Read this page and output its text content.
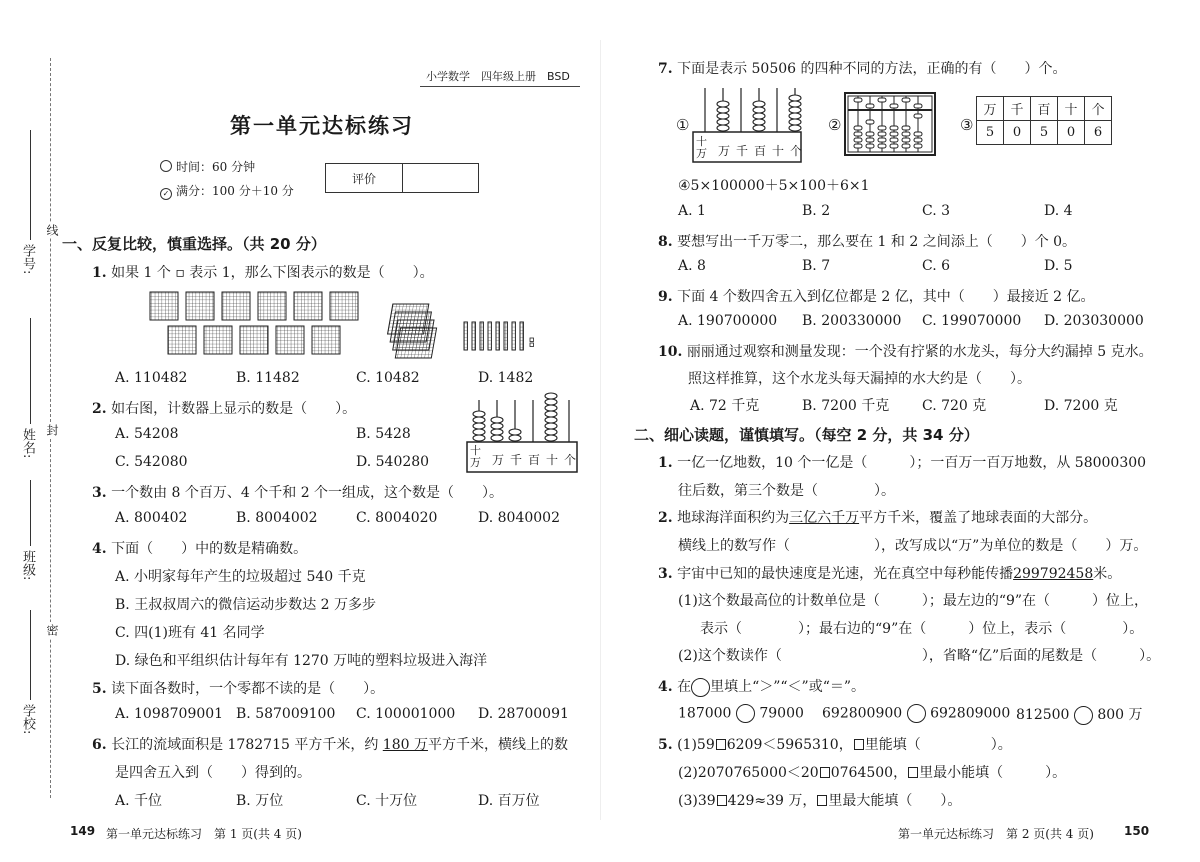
线
封
密
学号:
姓名:
班级:
学校:
小学数学　四年级上册　BSD
第一单元达标练习
时间：60 分钟
✓ 满分：100 分＋10 分
评价
一、反复比较，慎重选择。（共 20 分）
1. 如果 1 个 ▫ 表示 1，那么下图表示的数是（　　）。
A. 110482	B. 11482	C. 10482	D. 1482
2. 如右图，计数器上显示的数是（　　）。
A. 54208	B. 5428
C. 542080	D. 540280
十万 万 千 百 十 个
3. 一个数由 8 个百万、4 个千和 2 个一组成，这个数是（　　）。
A. 800402	B. 8004002	C. 8004020	D. 8040002
4. 下面（　　）中的数是精确数。
A. 小明家每年产生的垃圾超过 540 千克
B. 王叔叔周六的微信运动步数达 2 万多步
C. 四(1)班有 41 名同学
D. 绿色和平组织估计每年有 1270 万吨的塑料垃圾进入海洋
5. 读下面各数时，一个零都不读的是（　　）。
A. 1098709001 B. 587009100 C. 100001000 D. 28700091
6. 长江的流域面积是 1782715 平方千米，约 180 万平方千米，横线上的数
是四舍五入到（　　）得到的。
A. 千位	B. 万位	C. 十万位	D. 百万位
149 第一单元达标练习　第 1 页(共 4 页)
7. 下面是表示 50506 的四种不同的方法，正确的有（　　）个。
①
十万 万 千 百 十 个
②	③
万	千	百	十	个
5	0	5	0	6
④5×100000＋5×100＋6×1
A. 1	B. 2	C. 3	D. 4
8. 要想写出一千万零二，那么要在 1 和 2 之间添上（　　）个 0。
A. 8	B. 7	C. 6	D. 5
9. 下面 4 个数四舍五入到亿位都是 2 亿，其中（　　）最接近 2 亿。
A. 190700000 B. 200330000 C. 199070000 D. 203030000
10. 丽丽通过观察和测量发现：一个没有拧紧的水龙头，每分大约漏掉 5 克水。
照这样推算，这个水龙头每天漏掉的水大约是（　　）。
A. 72 千克	B. 7200 千克 C. 720 克	D. 7200 克
二、细心读题，谨慎填写。（每空 2 分，共 34 分）
1. 一亿一亿地数，10 个一亿是（　　　）；一百万一百万地数，从 58000300
往后数，第三个数是（　　　　）。
2. 地球海洋面积约为三亿六千万平方千米，覆盖了地球表面的大部分。
横线上的数写作（　　　　　　），改写成以“万”为单位的数是（　　）万。
3. 宇宙中已知的最快速度是光速，光在真空中每秒能传播299792458米。
(1)这个数最高位的计数单位是（　　　）；最左边的“9”在（　　　）位上，
表示（　　　　）；最右边的“9”在（　　　）位上，表示（　　　　）。
(2)这个数读作（　　　　　　　　　　），省略“亿”后面的尾数是（　　　）。
4. 在 里填上“＞”“＜”或“＝”。
187000 79000 692800900 692809000 812500 800 万
5. (1)59 6209＜5965310， 里能填（　　　　　）。
(2)2070765000＜20 0764500， 里最小能填（　　　）。
(3)39 429≈39 万， 里最大能填（　　）。
第一单元达标练习　第 2 页(共 4 页)	150
